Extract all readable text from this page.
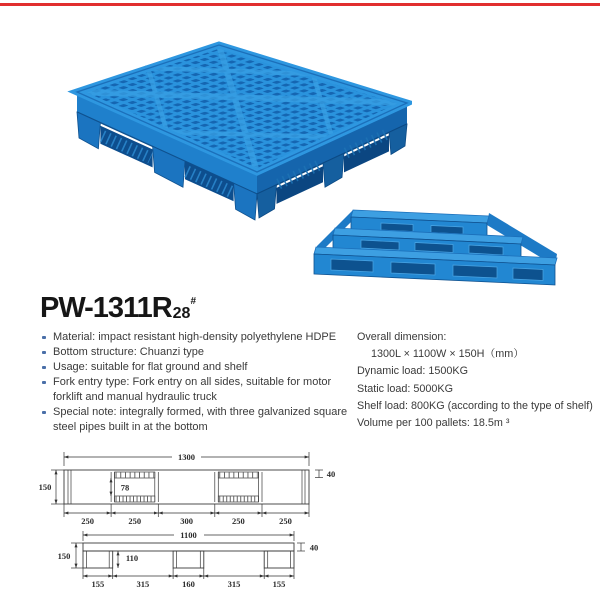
PW-1311R28#
Material: impact resistant high-density polyethylene HDPE
Bottom structure: Chuanzi type
Usage: suitable for flat ground and shelf
Fork entry type: Fork entry on all sides, suitable for motor forklift and manual hydraulic truck
Special note: integrally formed, with three galvanized square steel pipes built in at the bottom
Overall dimension:
1300L × 1100W × 150H（mm）
Dynamic load: 1500KG
Static load: 5000KG
Shelf load: 800KG (according to the type of shelf)
Volume per 100 pallets: 18.5m ³
1300
150	78
40
250	250	300	250	250
1100
150	110
40
155	315	160	315	155
